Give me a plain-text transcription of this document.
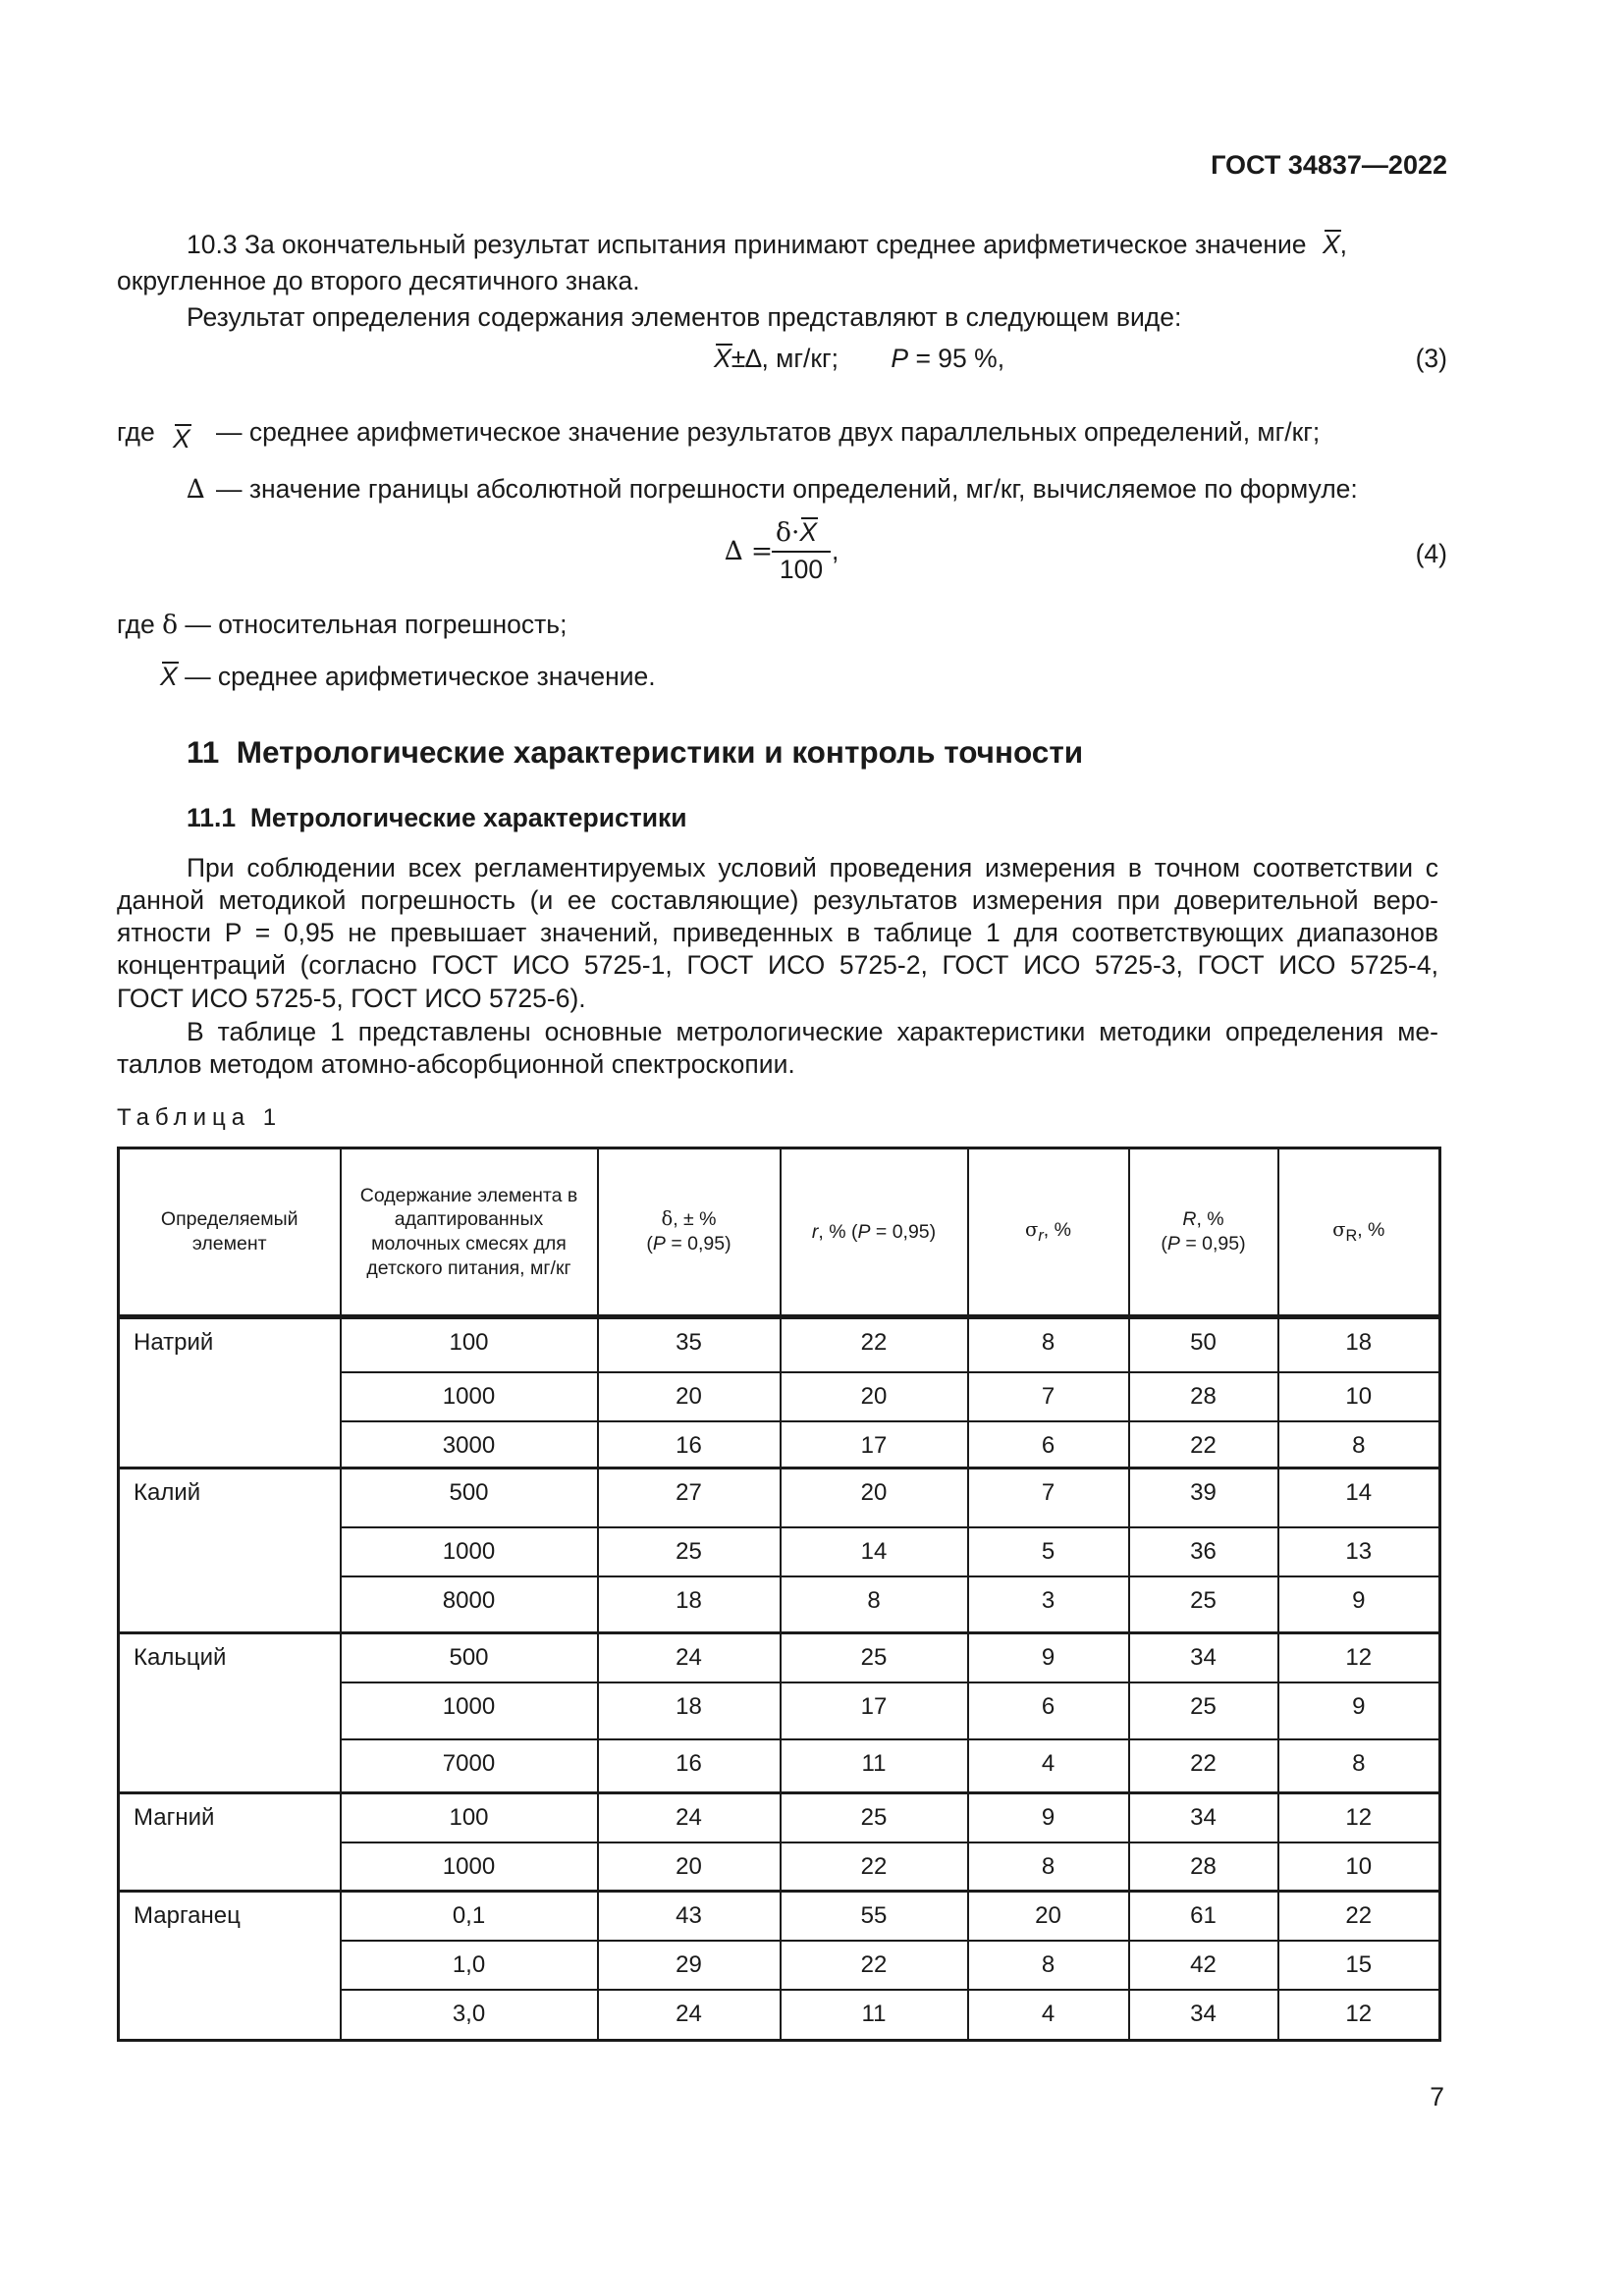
ГОСТ 34837—2022
10.3 За окончательный результат испытания принимают среднее арифметическое значение X,
округленное до второго десятичного знака.
Результат определения содержания элементов представляют в следующем виде:
X±∆, мг/кг; P = 95 %,	(3)
где X — среднее арифметическое значение результатов двух параллельных определений, мг/кг;
∆ — значение границы абсолютной погрешности определений, мг/кг, вычисляемое по формуле:
∆ =
δ·X
100
,	(4)
где δ — относительная погрешность;
X — среднее арифметическое значение.
11  Метрологические характеристики и контроль точности
11.1  Метрологические характеристики
При соблюдении всех регламентируемых условий проведения измерения в точном соответствии с
данной методикой погрешность (и ее составляющие) результатов измерения при доверительной веро-
ятности P = 0,95 не превышает значений, приведенных в таблице 1 для соответствующих диапазонов
концентраций (согласно ГОСТ ИСО 5725-1, ГОСТ ИСО 5725-2, ГОСТ ИСО 5725-3, ГОСТ ИСО 5725-4,
ГОСТ ИСО 5725-5, ГОСТ ИСО 5725-6).
В таблице 1 представлены основные метрологические характеристики методики определения ме-
таллов методом атомно-абсорбционной спектроскопии.
Таблица 1
Определяемый элемент	Содержание элемента в адаптированных молочных смесях для детского питания, мг/кг	δ, ± %
(P = 0,95)	r, % (P = 0,95)	$\sigma_r$, %	R, %
(P = 0,95)	$\sigma_R$, %
Натрий	100	35	22	8	50	18
	1000	20	20	7	28	10
	3000	16	17	6	22	8
Калий	500	27	20	7	39	14
	1000	25	14	5	36	13
	8000	18	8	3	25	9
Кальций	500	24	25	9	34	12
	1000	18	17	6	25	9
	7000	16	11	4	22	8
Магний	100	24	25	9	34	12
	1000	20	22	8	28	10
Марганец	0,1	43	55	20	61	22
	1,0	29	22	8	42	15
	3,0	24	11	4	34	12
7
